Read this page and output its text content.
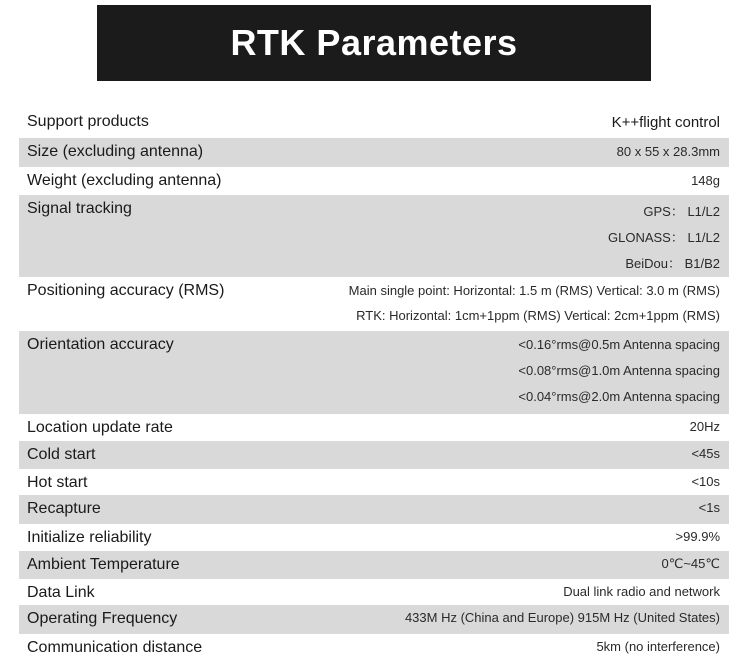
RTK Parameters
Support products	K++flight control
Size (excluding antenna)	80 x 55 x 28.3mm
Weight (excluding antenna)	148g
Signal tracking	GPS： L1/L2
GLONASS： L1/L2
BeiDou： B1/B2
Positioning accuracy (RMS)	Main single point: Horizontal: 1.5 m (RMS) Vertical: 3.0 m (RMS)
RTK: Horizontal: 1cm+1ppm (RMS) Vertical: 2cm+1ppm (RMS)
Orientation accuracy	<0.16°rms@0.5m Antenna spacing
<0.08°rms@1.0m Antenna spacing
<0.04°rms@2.0m Antenna spacing
Location update rate	20Hz
Cold start	<45s
Hot start	<10s
Recapture	<1s
Initialize reliability	>99.9%
Ambient Temperature	0℃~45℃
Data Link	Dual link radio and network
Operating Frequency	433M Hz (China and Europe) 915M Hz (United States)
Communication distance	5km (no interference)
